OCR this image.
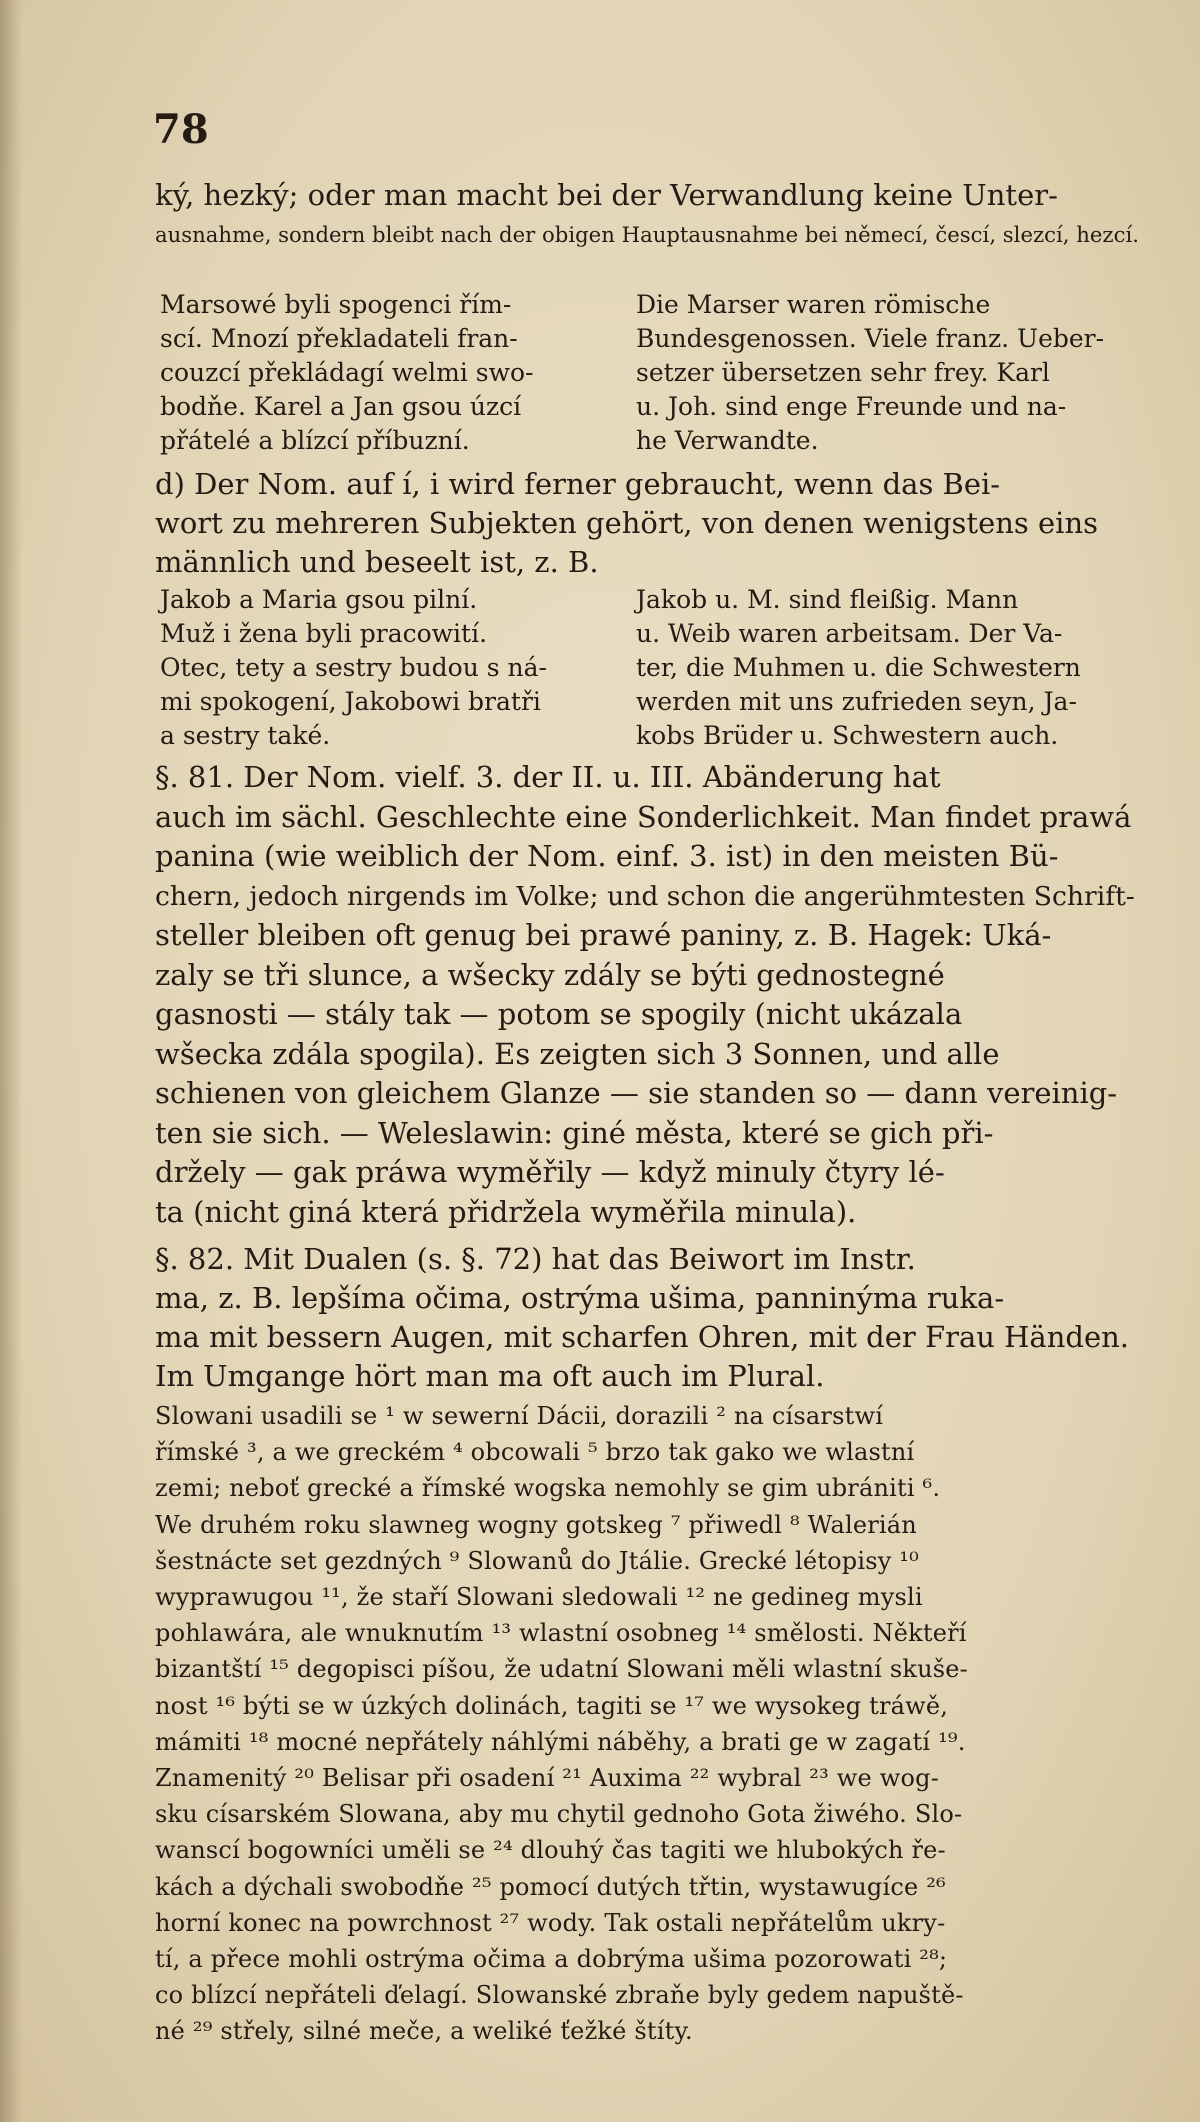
78

ký, hezký; oder man macht bei der Verwandlung keine Unter-
ausnahme, sondern bleibt nach der obigen Hauptausnahme bei němecí, čescí, slezcí, hezcí.

Marsowé byli spogenci řím-
scí. Mnozí překladateli fran-
couzcí překládagí welmi swo-
bodňe. Karel a Jan gsou úzcí
přátelé a blízcí příbuzní.

Die Marser waren römische
Bundesgenossen. Viele franz. Ueber-
setzer übersetzen sehr frey. Karl
u. Joh. sind enge Freunde und na-
he Verwandte.

d) Der Nom. auf í, i wird ferner gebraucht, wenn das Bei-
wort zu mehreren Subjekten gehört, von denen wenigstens eins
männlich und beseelt ist, z. B.

Jakob a Maria gsou pilní.
Muž i žena byli pracowití.
Otec, tety a sestry budou s ná-
mi spokogení, Jakobowi bratři
a sestry také.

Jakob u. M. sind fleißig. Mann
u. Weib waren arbeitsam. Der Va-
ter, die Muhmen u. die Schwestern
werden mit uns zufrieden seyn, Ja-
kobs Brüder u. Schwestern auch.

§. 81. Der Nom. vielf. 3. der II. u. III. Abänderung hat
auch im sächl. Geschlechte eine Sonderlichkeit. Man findet prawá
panina (wie weiblich der Nom. einf. 3. ist) in den meisten Bü-
chern, jedoch nirgends im Volke; und schon die angerühmtesten Schrift-
steller bleiben oft genug bei prawé paniny, z. B. Hagek: Uká-
zaly se tři slunce, a wšecky zdály se býti gednostegné
gasnosti — stály tak — potom se spogily (nicht ukázala
wšecka zdála spogila). Es zeigten sich 3 Sonnen, und alle
schienen von gleichem Glanze — sie standen so — dann vereinig-
ten sie sich. — Weleslawin: giné města, které se gich při-
držely — gak práwa wyměřily — když minuly čtyry lé-
ta (nicht giná která přidržela wyměřila minula).

§. 82. Mit Dualen (s. §. 72) hat das Beiwort im Instr.
ma, z. B. lepšíma očima, ostrýma ušima, panninýma ruka-
ma mit bessern Augen, mit scharfen Ohren, mit der Frau Händen.
Im Umgange hört man ma oft auch im Plural.

Slowani usadili se ¹ w sewerní Dácii, dorazili ² na císarstwí
římské ³, a we greckém ⁴ obcowali ⁵ brzo tak gako we wlastní
zemi; neboť grecké a římské wogska nemohly se gim ubrániti ⁶.
We druhém roku slawneg wogny gotskeg ⁷ přiwedl ⁸ Walerián
šestnácte set gezdných ⁹ Slowanů do Jtálie. Grecké létopisy ¹⁰
wyprawugou ¹¹, že staří Slowani sledowali ¹² ne gedineg mysli
pohlawára, ale wnuknutím ¹³ wlastní osobneg ¹⁴ smělosti. Někteří
bizantští ¹⁵ degopisci píšou, že udatní Slowani měli wlastní skuše-
nost ¹⁶ býti se w úzkých dolinách, tagiti se ¹⁷ we wysokeg tráwě,
mámiti ¹⁸ mocné nepřátely náhlými náběhy, a brati ge w zagatí ¹⁹.
Znamenitý ²⁰ Belisar při osadení ²¹ Auxima ²² wybral ²³ we wog-
sku císarském Slowana, aby mu chytil gednoho Gota žiwého. Slo-
wanscí bogowníci uměli se ²⁴ dlouhý čas tagiti we hlubokých ře-
kách a dýchali swobodňe ²⁵ pomocí dutých třtin, wystawugíce ²⁶
horní konec na powrchnost ²⁷ wody. Tak ostali nepřátelům ukry-
tí, a přece mohli ostrýma očima a dobrýma ušima pozorowati ²⁸;
co blízcí nepřáteli ďelagí. Slowanské zbraňe byly gedem napuště-
né ²⁹ střely, silné meče, a weliké ťežké štíty.
